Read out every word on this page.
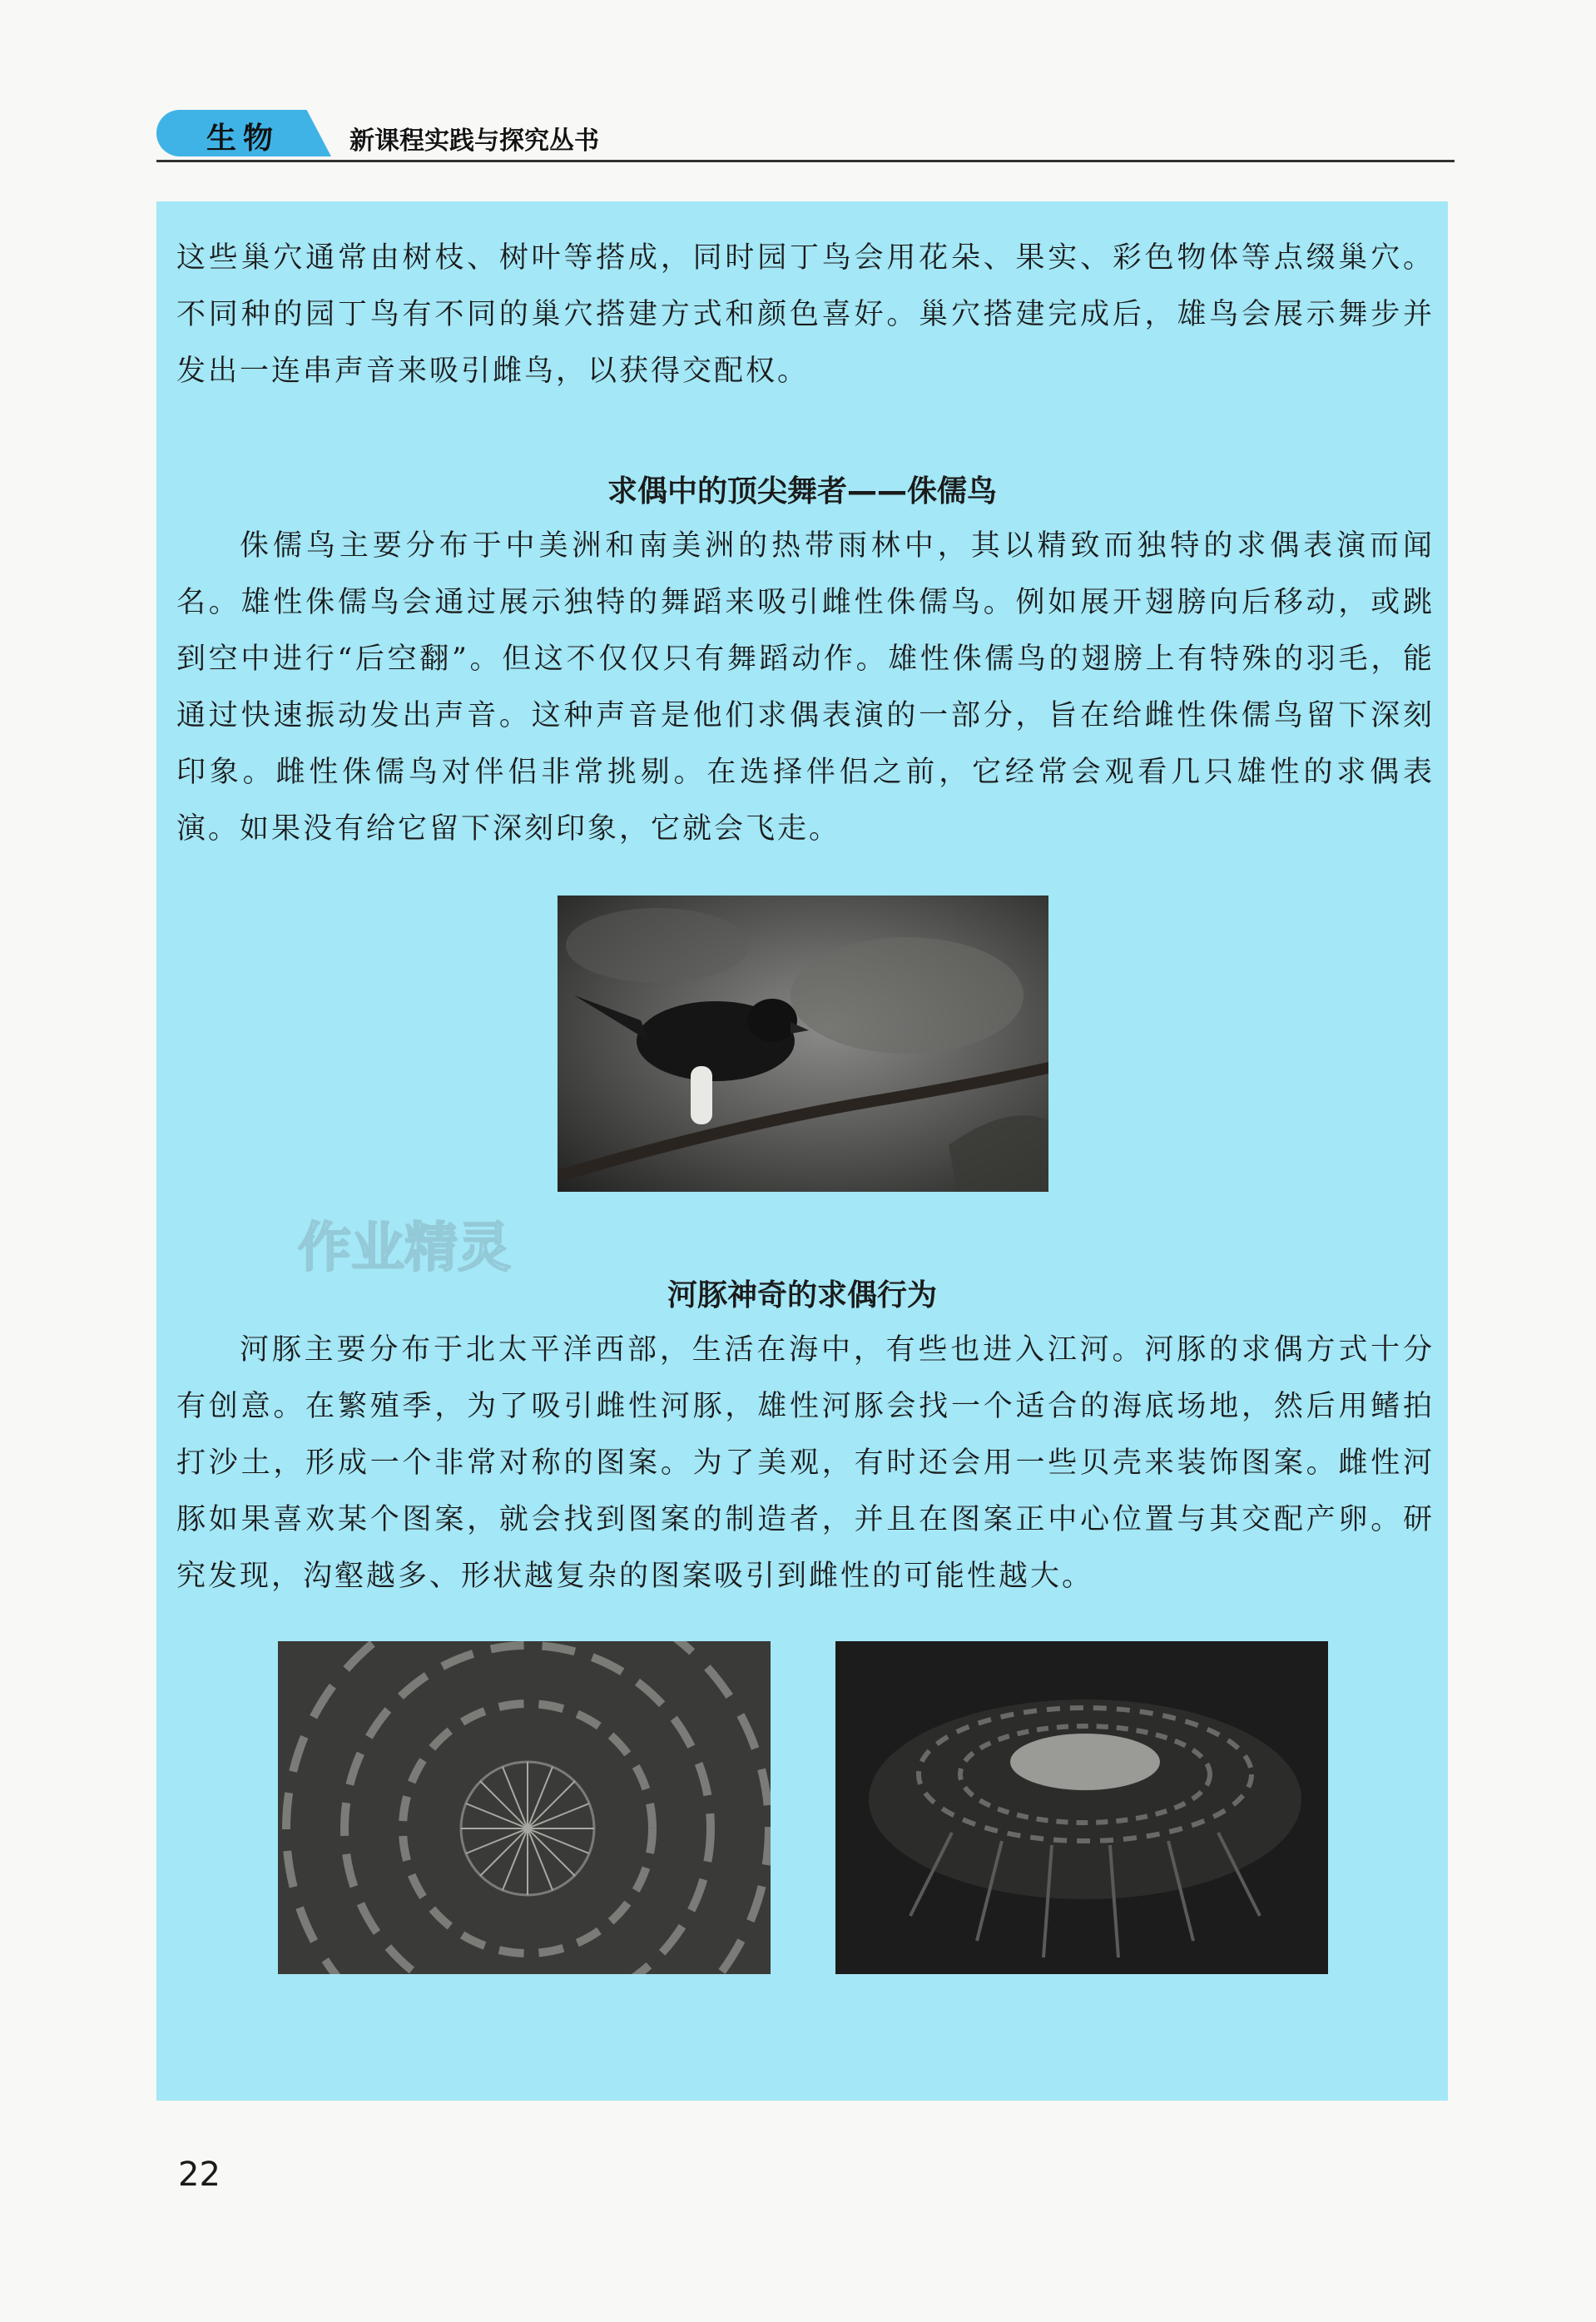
生物	新课程实践与探究丛书

这些巢穴通常由树枝、树叶等搭成，同时园丁鸟会用花朵、果实、彩色物体等点缀巢穴。不同种的园丁鸟有不同的巢穴搭建方式和颜色喜好。巢穴搭建完成后，雄鸟会展示舞步并发出一连串声音来吸引雌鸟，以获得交配权。

求偶中的顶尖舞者——侏儒鸟

侏儒鸟主要分布于中美洲和南美洲的热带雨林中，其以精致而独特的求偶表演而闻名。雄性侏儒鸟会通过展示独特的舞蹈来吸引雌性侏儒鸟。例如展开翅膀向后移动，或跳到空中进行“后空翻”。但这不仅仅只有舞蹈动作。雄性侏儒鸟的翅膀上有特殊的羽毛，能通过快速振动发出声音。这种声音是他们求偶表演的一部分，旨在给雌性侏儒鸟留下深刻印象。雌性侏儒鸟对伴侣非常挑剔。在选择伴侣之前，它经常会观看几只雄性的求偶表演。如果没有给它留下深刻印象，它就会飞走。

作业精灵
河豚神奇的求偶行为

河豚主要分布于北太平洋西部，生活在海中，有些也进入江河。河豚的求偶方式十分有创意。在繁殖季，为了吸引雌性河豚，雄性河豚会找一个适合的海底场地，然后用鳍拍打沙土，形成一个非常对称的图案。为了美观，有时还会用一些贝壳来装饰图案。雌性河豚如果喜欢某个图案，就会找到图案的制造者，并且在图案正中心位置与其交配产卵。研究发现，沟壑越多、形状越复杂的图案吸引到雌性的可能性越大。

22
